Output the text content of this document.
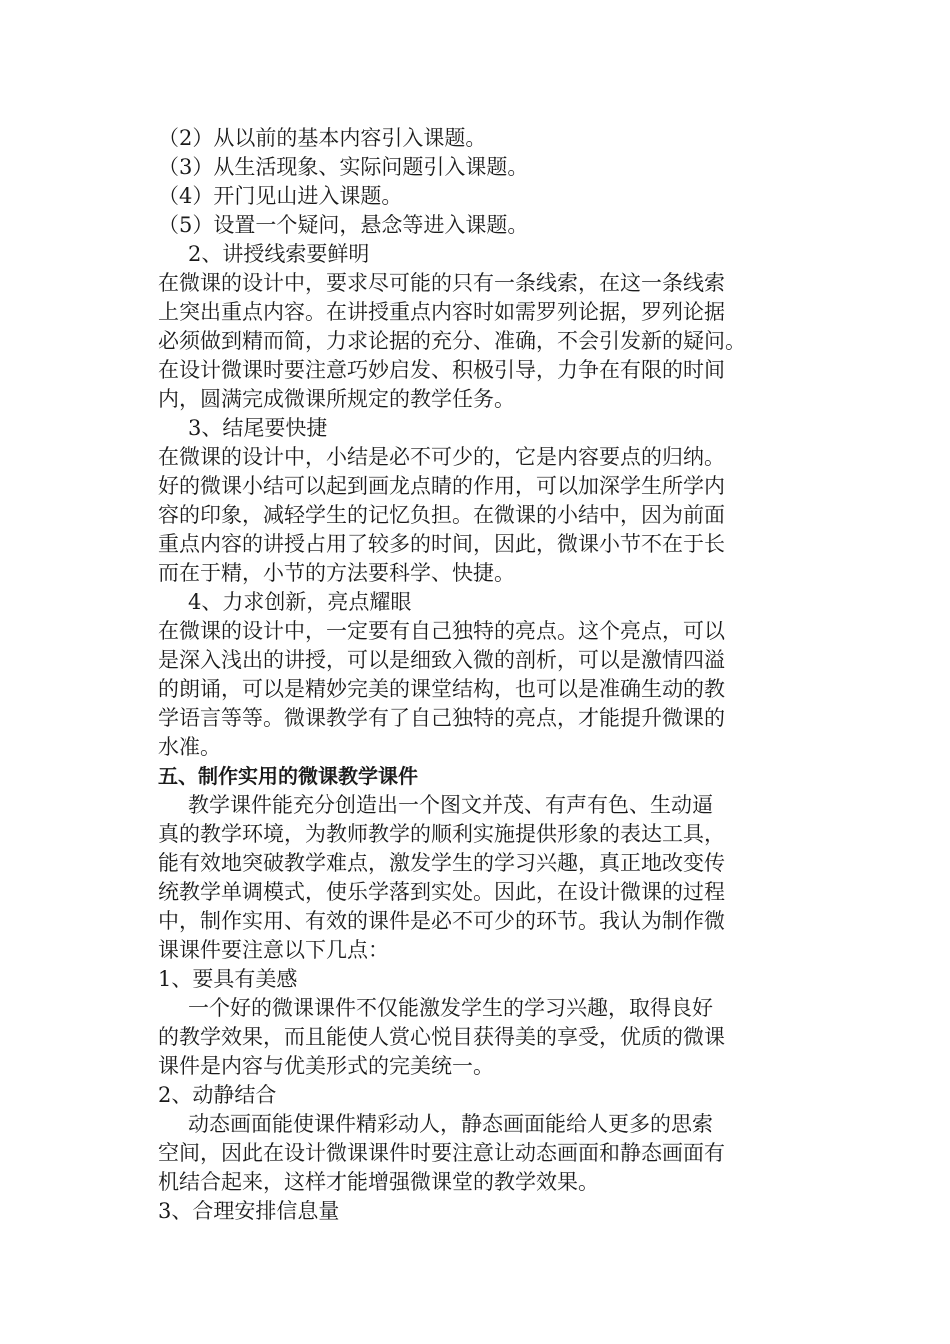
（2）从以前的基本内容引入课题。
（3）从生活现象、实际问题引入课题。
（4）开门见山进入课题。
（5）设置一个疑问，悬念等进入课题。
2、讲授线索要鲜明
在微课的设计中，要求尽可能的只有一条线索，在这一条线索
上突出重点内容。在讲授重点内容时如需罗列论据，罗列论据
必须做到精而简，力求论据的充分、准确，不会引发新的疑问。
在设计微课时要注意巧妙启发、积极引导，力争在有限的时间
内，圆满完成微课所规定的教学任务。
3、结尾要快捷
在微课的设计中，小结是必不可少的，它是内容要点的归纳。
好的微课小结可以起到画龙点睛的作用，可以加深学生所学内
容的印象，减轻学生的记忆负担。在微课的小结中，因为前面
重点内容的讲授占用了较多的时间，因此，微课小节不在于长
而在于精，小节的方法要科学、快捷。
4、力求创新，亮点耀眼
在微课的设计中，一定要有自己独特的亮点。这个亮点，可以
是深入浅出的讲授，可以是细致入微的剖析，可以是激情四溢
的朗诵，可以是精妙完美的课堂结构，也可以是准确生动的教
学语言等等。微课教学有了自己独特的亮点，才能提升微课的
水准。
五、制作实用的微课教学课件
教学课件能充分创造出一个图文并茂、有声有色、生动逼
真的教学环境，为教师教学的顺利实施提供形象的表达工具，
能有效地突破教学难点，激发学生的学习兴趣，真正地改变传
统教学单调模式，使乐学落到实处。因此，在设计微课的过程
中，制作实用、有效的课件是必不可少的环节。我认为制作微
课课件要注意以下几点：
1、要具有美感
一个好的微课课件不仅能激发学生的学习兴趣，取得良好
的教学效果，而且能使人赏心悦目获得美的享受，优质的微课
课件是内容与优美形式的完美统一。
2、动静结合
动态画面能使课件精彩动人，静态画面能给人更多的思索
空间，因此在设计微课课件时要注意让动态画面和静态画面有
机结合起来，这样才能增强微课堂的教学效果。
3、合理安排信息量
